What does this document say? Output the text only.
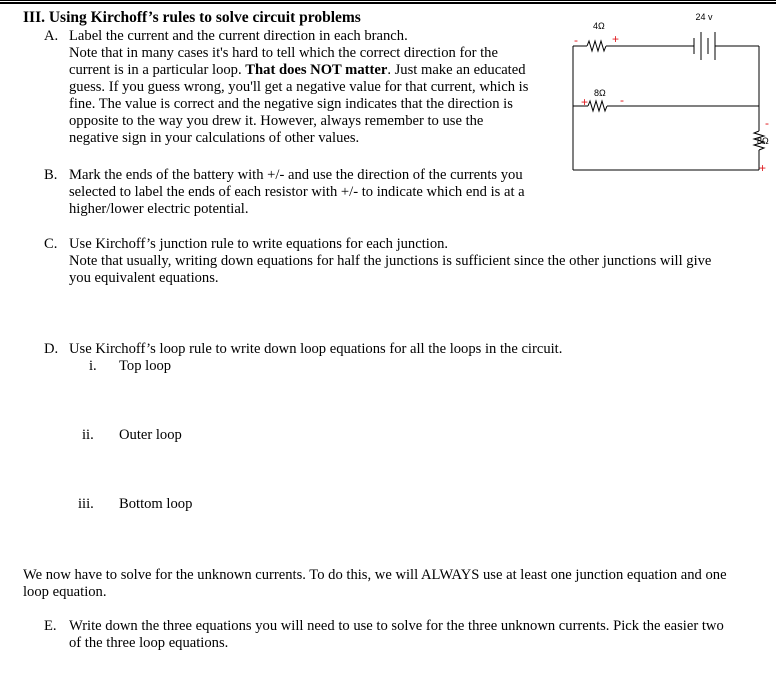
III. Using Kirchoff’s rules to solve circuit problems
A. Label the current and the current direction in each branch.
Note that in many cases it's hard to tell which the correct direction for the
current is in a particular loop. That does NOT matter. Just make an educated
guess. If you guess wrong, you'll get a negative value for that current, which is
fine. The value is correct and the negative sign indicates that the direction is
opposite to the way you drew it. However, always remember to use the
negative sign in your calculations of other values.
24 v
4Ω
8Ω
8Ω
-	+
+	-
-
+
B. Mark the ends of the battery with +/- and use the direction of the currents you
selected to label the ends of each resistor with +/- to indicate which end is at a
higher/lower electric potential.
C. Use Kirchoff’s junction rule to write equations for each junction.
Note that usually, writing down equations for half the junctions is sufficient since the other junctions will give
you equivalent equations.
D. Use Kirchoff’s loop rule to write down loop equations for all the loops in the circuit.
i. Top loop
ii. Outer loop
iii. Bottom loop
We now have to solve for the unknown currents. To do this, we will ALWAYS use at least one junction equation and one
loop equation.
E. Write down the three equations you will need to use to solve for the three unknown currents. Pick the easier two
of the three loop equations.
